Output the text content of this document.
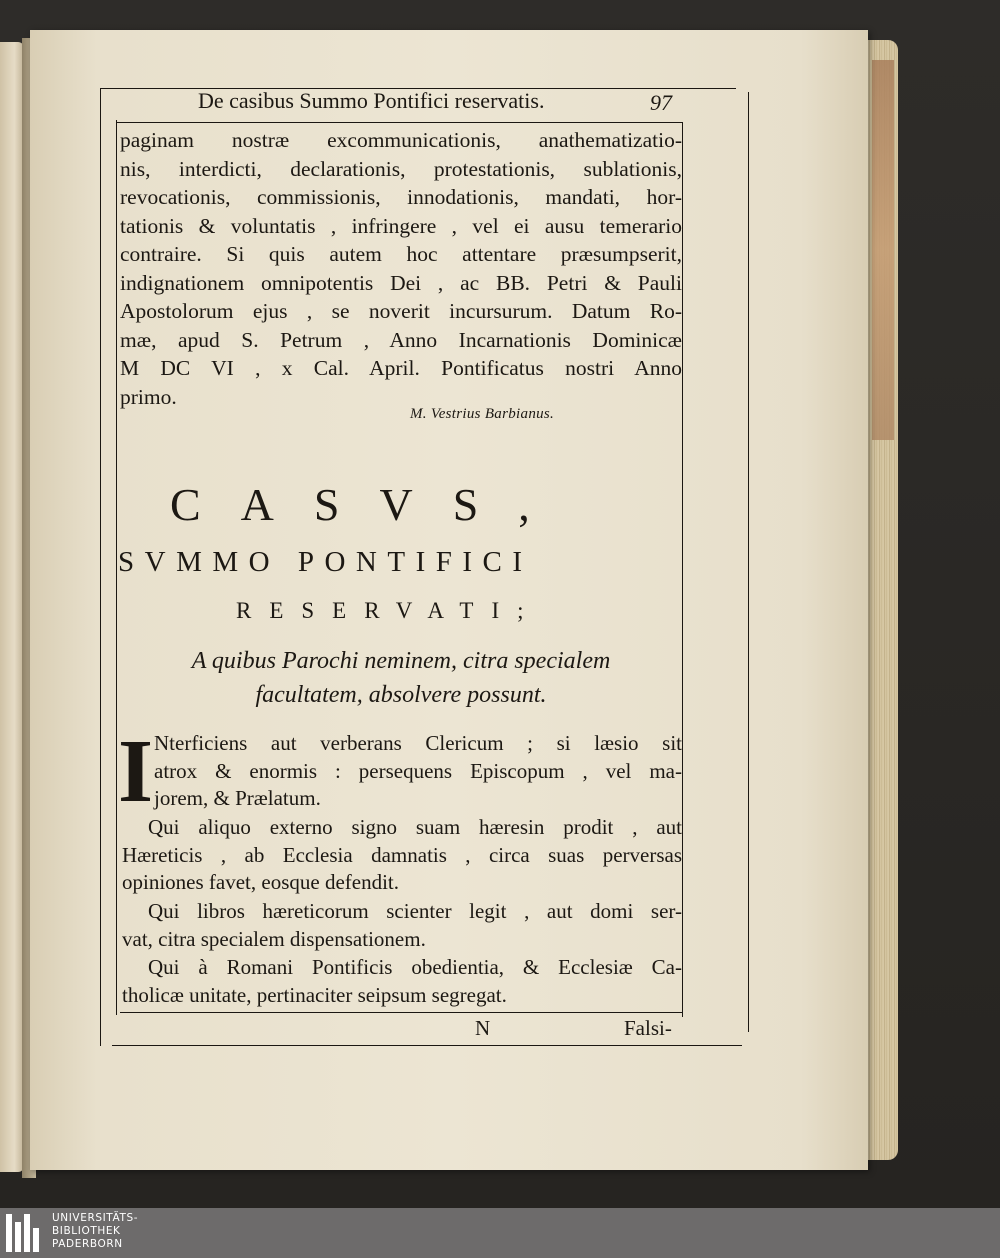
De casibus Summo Pontifici reservatis.	97
paginam nostræ excommunicationis, anathematizatio-
nis, interdicti, declarationis, protestationis, sublationis,
revocationis, commissionis, innodationis, mandati, hor-
tationis & voluntatis , infringere , vel ei ausu temerario
contraire. Si quis autem hoc attentare præsumpserit,
indignationem omnipotentis Dei , ac BB. Petri & Pauli
Apostolorum ejus , se noverit incursurum. Datum Ro-
mæ, apud S. Petrum , Anno Incarnationis Dominicæ
M DC VI , x Cal. April. Pontificatus nostri Anno
primo.
M. Vestrius Barbianus.
CASVS,
SVMMO PONTIFICI
RESERVATI;
A quibus Parochi neminem, citra specialem
facultatem, absolvere possunt.
I Nterficiens aut verberans Clericum ; si læsio sit
atrox & enormis : persequens Episcopum , vel ma-
jorem, & Prælatum.
Qui aliquo externo signo suam hæresin prodit , aut
Hæreticis , ab Ecclesia damnatis , circa suas perversas
opiniones favet, eosque defendit.
Qui libros hæreticorum scienter legit , aut domi ser-
vat, citra specialem dispensationem.
Qui à Romani Pontificis obedientia, & Ecclesiæ Ca-
tholicæ unitate, pertinaciter seipsum segregat.
N	Falsi-
UNIVERSITÄTS-
BIBLIOTHEK
PADERBORN
